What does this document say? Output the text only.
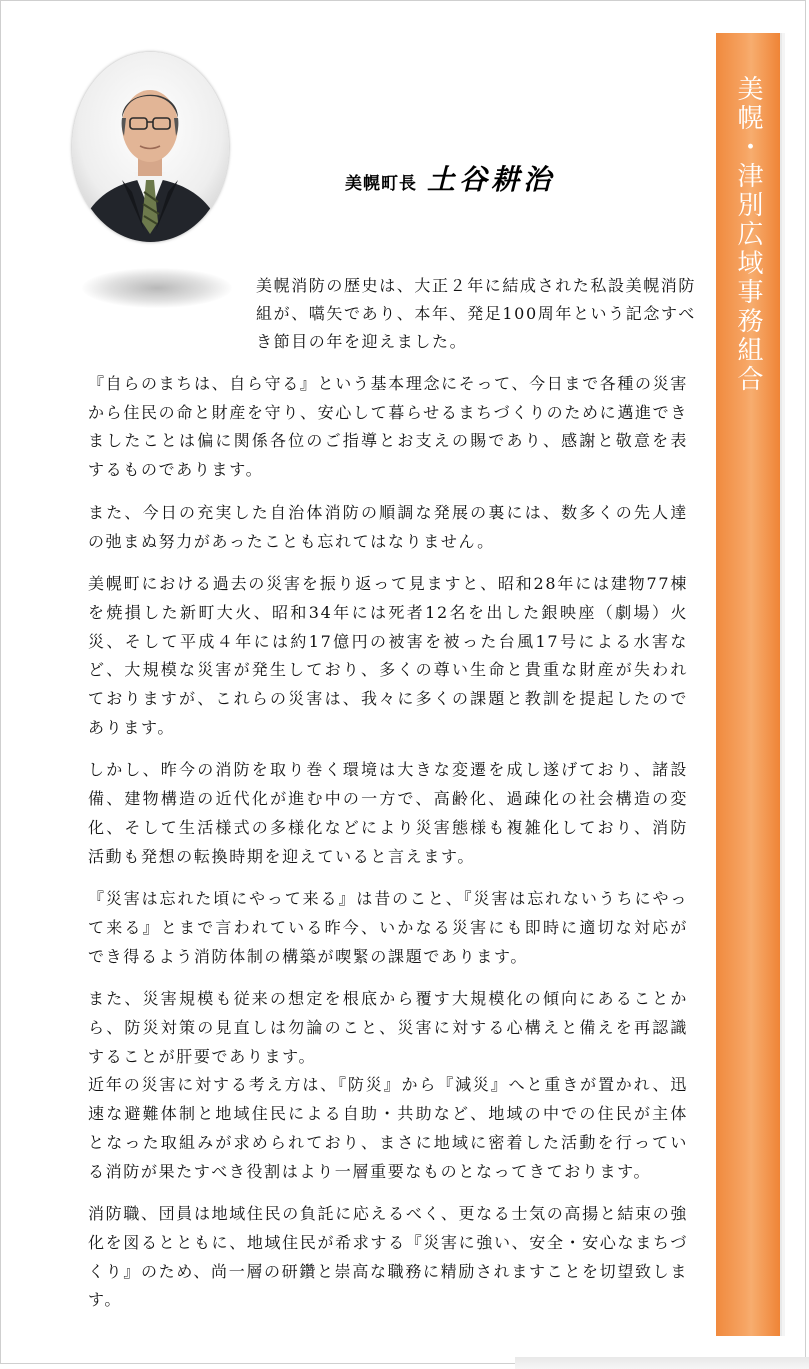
美幌・津別広域事務組合
美幌町長 土谷耕治

美幌消防の歴史は、大正２年に結成された私設美幌消防組が、嚆矢であり、本年、発足100周年という記念すべき節目の年を迎えました。

『自らのまちは、自ら守る』という基本理念にそって、今日まで各種の災害から住民の命と財産を守り、安心して暮らせるまちづくりのために邁進できましたことは偏に関係各位のご指導とお支えの賜であり、感謝と敬意を表するものであります。

また、今日の充実した自治体消防の順調な発展の裏には、数多くの先人達の弛まぬ努力があったことも忘れてはなりません。

美幌町における過去の災害を振り返って見ますと、昭和28年には建物77棟を焼損した新町大火、昭和34年には死者12名を出した銀映座（劇場）火災、そして平成４年には約17億円の被害を被った台風17号による水害など、大規模な災害が発生しており、多くの尊い生命と貴重な財産が失われておりますが、これらの災害は、我々に多くの課題と教訓を提起したのであります。

しかし、昨今の消防を取り巻く環境は大きな変遷を成し遂げており、諸設備、建物構造の近代化が進む中の一方で、高齢化、過疎化の社会構造の変化、そして生活様式の多様化などにより災害態様も複雑化しており、消防活動も発想の転換時期を迎えていると言えます。

『災害は忘れた頃にやって来る』は昔のこと、『災害は忘れないうちにやって来る』とまで言われている昨今、いかなる災害にも即時に適切な対応ができ得るよう消防体制の構築が喫緊の課題であります。

また、災害規模も従来の想定を根底から覆す大規模化の傾向にあることから、防災対策の見直しは勿論のこと、災害に対する心構えと備えを再認識することが肝要であります。

近年の災害に対する考え方は、『防災』から『減災』へと重きが置かれ、迅速な避難体制と地域住民による自助・共助など、地域の中での住民が主体となった取組みが求められており、まさに地域に密着した活動を行っている消防が果たすべき役割はより一層重要なものとなってきております。

消防職、団員は地域住民の負託に応えるべく、更なる士気の高揚と結束の強化を図るとともに、地域住民が希求する『災害に強い、安全・安心なまちづくり』のため、尚一層の研鑽と崇高な職務に精励されますことを切望致します。
